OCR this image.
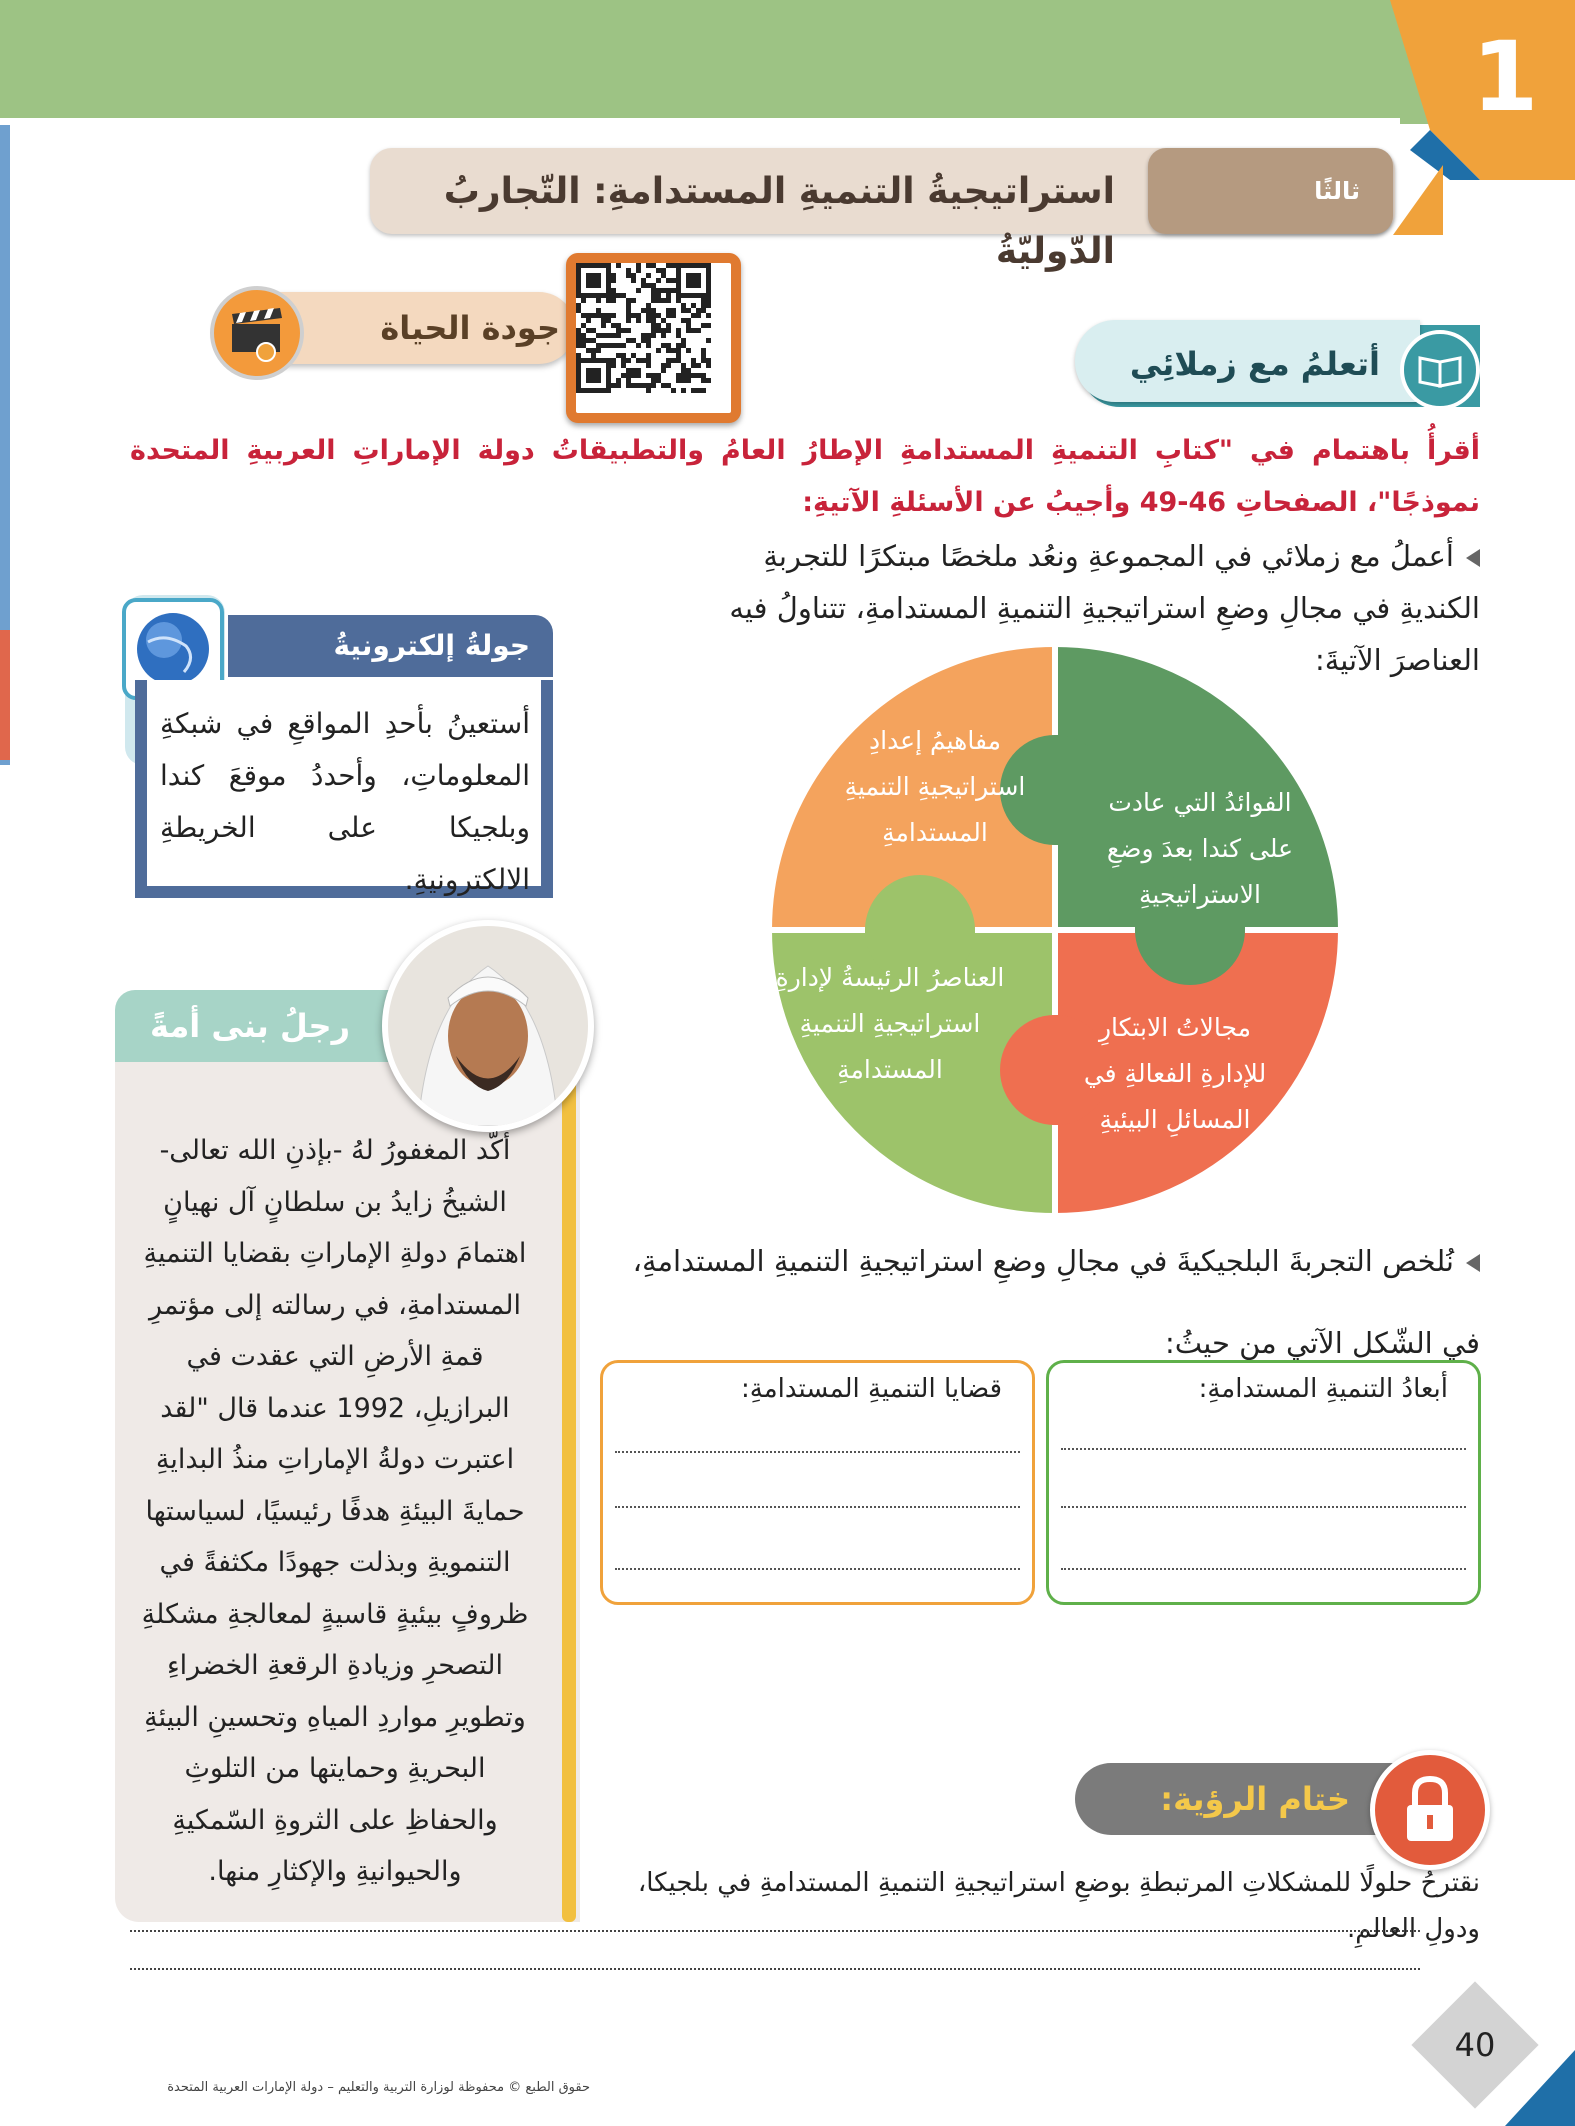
1
استراتيجيةُ التنميةِ المستدامةِ: التّجاربُ الدّوليّةُ
ثالثًا
جودة الحياة
أتعلمُ مع زملائِي
أقرأُ باهتمام في "كتابِ التنميةِ المستدامةِ الإطارُ العامُ والتطبيقاتُ دولة الإماراتِ العربيةِ المتحدة نموذجًا"، الصفحاتِ 46-49 وأجيبُ عن الأسئلةِ الآتيةِ:
أعملُ مع زملائي في المجموعةِ ونعُد ملخصًا مبتكرًا للتجربةِ الكنديةِ في مجالِ وضعِ استراتيجيةِ التنميةِ المستدامةِ، تتناولُ فيه العناصرَ الآتيةَ:
جولةُ إلكترونيةُ
أستعينُ بأحدِ المواقعِ في شبكةِ المعلوماتِ، وأحددُ موقعَ كندا وبلجيكا على الخريطةِ الالكترونيةِ.
الفوائدُ التي عادت على كندا بعدَ وضعِ الاستراتيجيةِ
مفاهيمُ إعدادِ استراتيجيةِ التنميةِ المستدامةِ
العناصرُ الرئيسةُ لإدارةِ استراتيجيةِ التنميةِ المستدامةِ
مجالاتُ الابتكارِ للإدارةِ الفعالةِ في المسائلِ البيئيةِ
رجلُ بنى أمةً
أكّد المغفورُ لهُ -بإذنِ الله تعالى- الشيخُ زايدُ بن سلطانٍ آل نهيانٍ اهتمامَ دولةِ الإماراتِ بقضايا التنميةِ المستدامةِ، في رسالته إلى مؤتمرِ قمةِ الأرضِ التي عقدت في البرازيلِ، 1992 عندما قال "لقد اعتبرت دولةُ الإماراتِ منذُ البدايةِ حمايةَ البيئةِ هدفًا رئيسيًا، لسياستها التنمويةِ وبذلت جهودًا مكثفةً في ظروفٍ بيئيةٍ قاسيةٍ لمعالجةِ مشكلةِ التصحرِ وزيادةِ الرقعةِ الخضراءِ وتطويرِ مواردِ المياهِ وتحسينِ البيئةِ البحريةِ وحمايتها من التلوثِ والحفاظِ على الثروةِ السّمكيةِ والحيوانيةِ والإكثارِ منها.
نُلخص التجربةَ البلجيكيةَ في مجالِ وضعِ استراتيجيةِ التنميةِ المستدامةِ، في الشّكلِ الآتي من حيثُ:
أبعادُ التنميةِ المستدامةِ:
قضايا التنميةِ المستدامةِ:
ختام الرؤية:
نقترحُ حلولًا للمشكلاتِ المرتبطةِ بوضعِ استراتيجيةِ التنميةِ المستدامةِ في بلجيكا، ودولِ العالمِ.
حقوق الطبع © محفوظة لوزارة التربية والتعليم – دولة الإمارات العربية المتحدة
40
